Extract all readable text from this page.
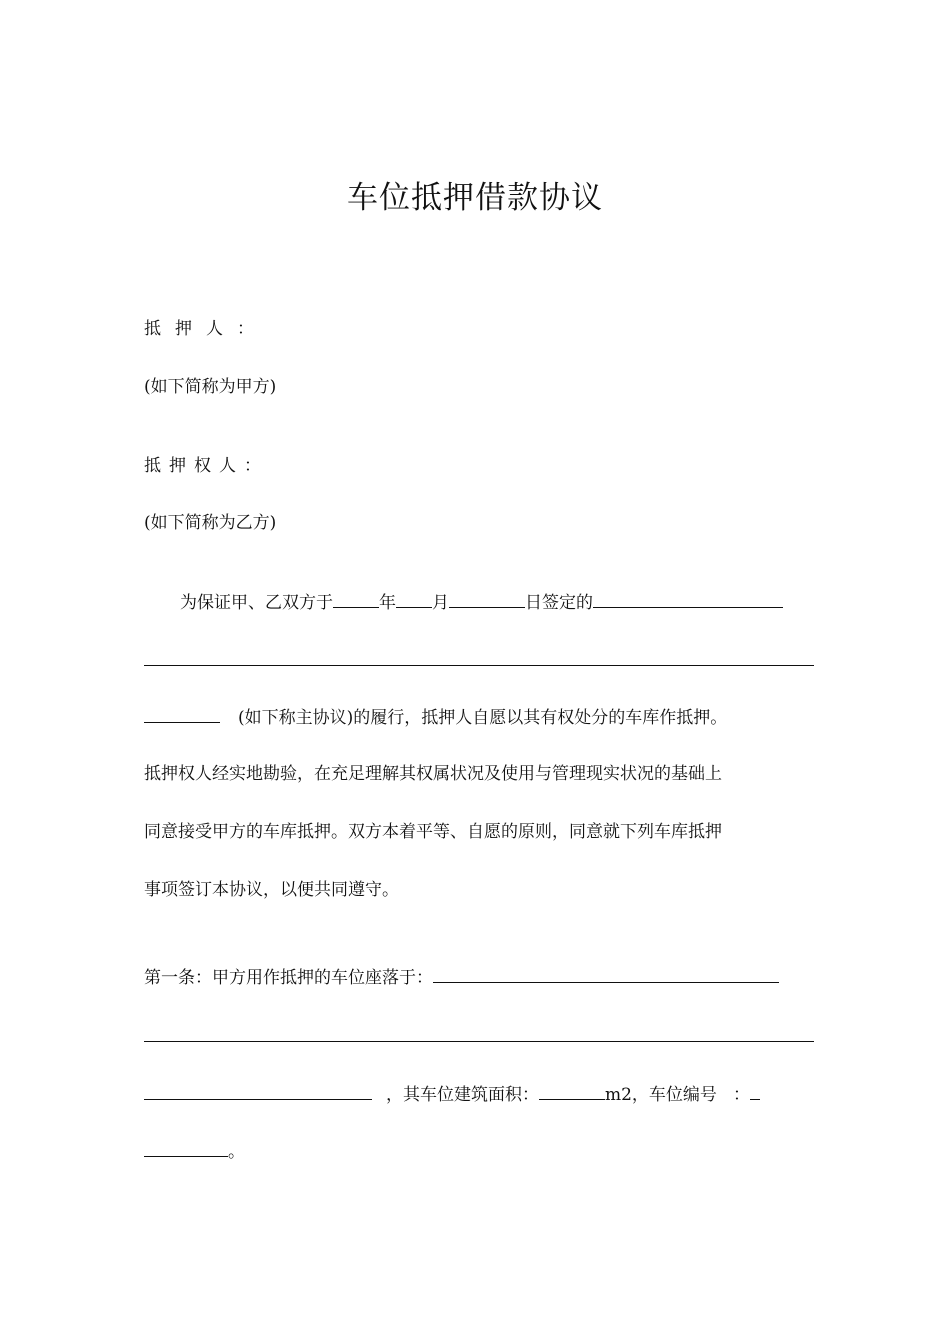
车位抵押借款协议
抵押人：
(如下简称为甲方)
抵押权人：
(如下简称为乙方)
为保证甲、乙双方于	年 月	日签定的
(如下称主协议)的履行，抵押人自愿以其有权处分的车库作抵押。
抵押权人经实地勘验，在充足理解其权属状况及使用与管理现实状况的基础上
同意接受甲方的车库抵押。双方本着平等、自愿的原则，同意就下列车库抵押
事项签订本协议，以便共同遵守。
第一条：甲方用作抵押的车位座落于：
，其车位建筑面积：	m2，车位编号 ：
。
